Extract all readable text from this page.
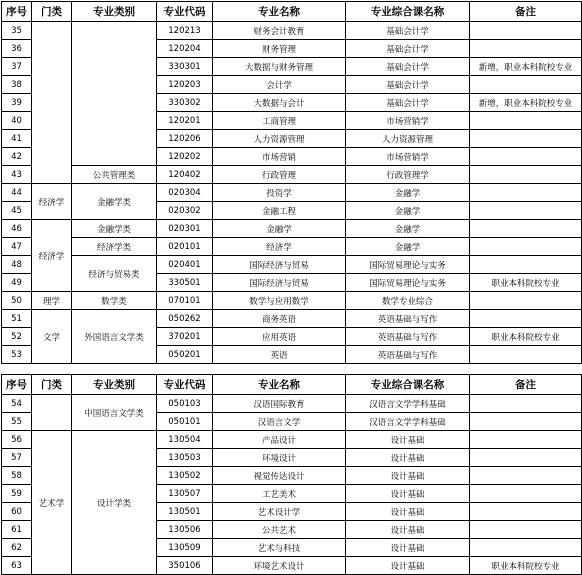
序号	门类	专业类别	专业代码	专业名称	专业综合课名称	备注
35			120213	财务会计教育	基础会计学	
36			120204	财务管理	基础会计学	
37			330301	大数据与财务管理	基础会计学	新增，职业本科院校专业
38			120203	会计学	基础会计学	
39			330302	大数据与会计	基础会计学	新增，职业本科院校专业
40			120201	工商管理	市场营销学	
41			120206	人力资源管理	人力资源管理	
42			120202	市场营销	市场营销学	
43		公共管理类	120402	行政管理	行政管理学	
44	经济学	金融学类	020304	投资学	金融学	
45			020302	金融工程	金融学	
46	经济学	金融学类	020301	金融学	金融学	
47		经济学类	020101	经济学	金融学	
48		经济与贸易类	020401	国际经济与贸易	国际贸易理论与实务	
49			330501	国际经济与贸易	国际贸易理论与实务	职业本科院校专业
50	理学	数学类	070101	数学与应用数学	数学专业综合	
51	文学	外国语言文学类	050262	商务英语	英语基础与写作	
52			370201	应用英语	英语基础与写作	职业本科院校专业
53			050201	英语	英语基础与写作	
序号	门类	专业类别	专业代码	专业名称	专业综合课名称	备注
54		中国语言文学类	050103	汉语国际教育	汉语言文学学科基础	
55			050101	汉语言文学	汉语言文学学科基础	
56	艺术学	设计学类	130504	产品设计	设计基础	
57			130503	环境设计	设计基础	
58			130502	视觉传达设计	设计基础	
59			130507	工艺美术	设计基础	
60			130501	艺术设计学	设计基础	
61			130506	公共艺术	设计基础	
62			130509	艺术与科技	设计基础	
63			350106	环境艺术设计	设计基础	职业本科院校专业
